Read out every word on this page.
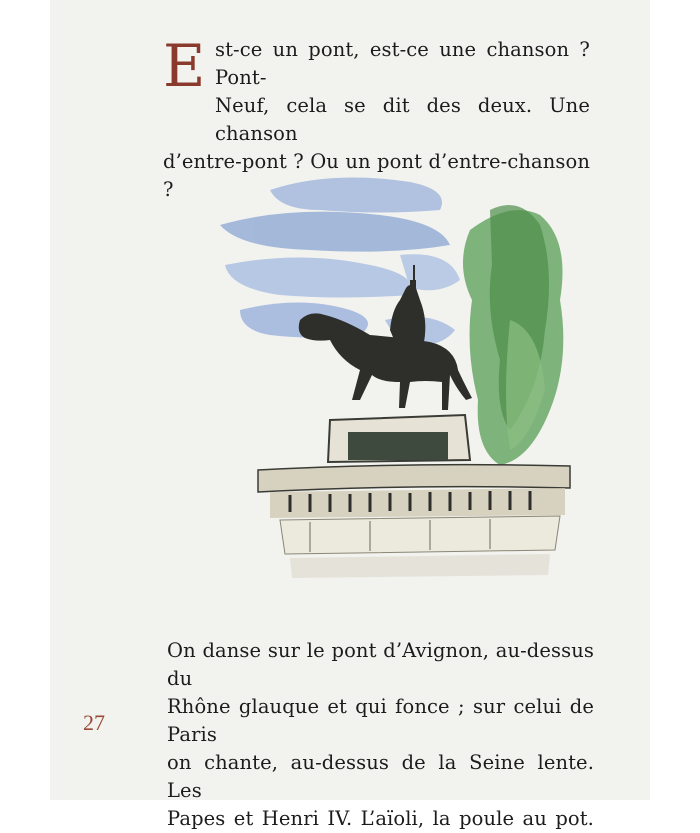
E st-ce un pont, est-ce une chanson ? Pont-
Neuf, cela se dit des deux. Une chanson
d’entre-pont ? Ou un pont d’entre-chanson ?
On danse sur le pont d’Avignon, au-dessus du
Rhône glauque et qui fonce ; sur celui de Paris
on chante, au-dessus de la Seine lente. Les
Papes et Henri IV. L’aïoli, la poule au pot.
27
